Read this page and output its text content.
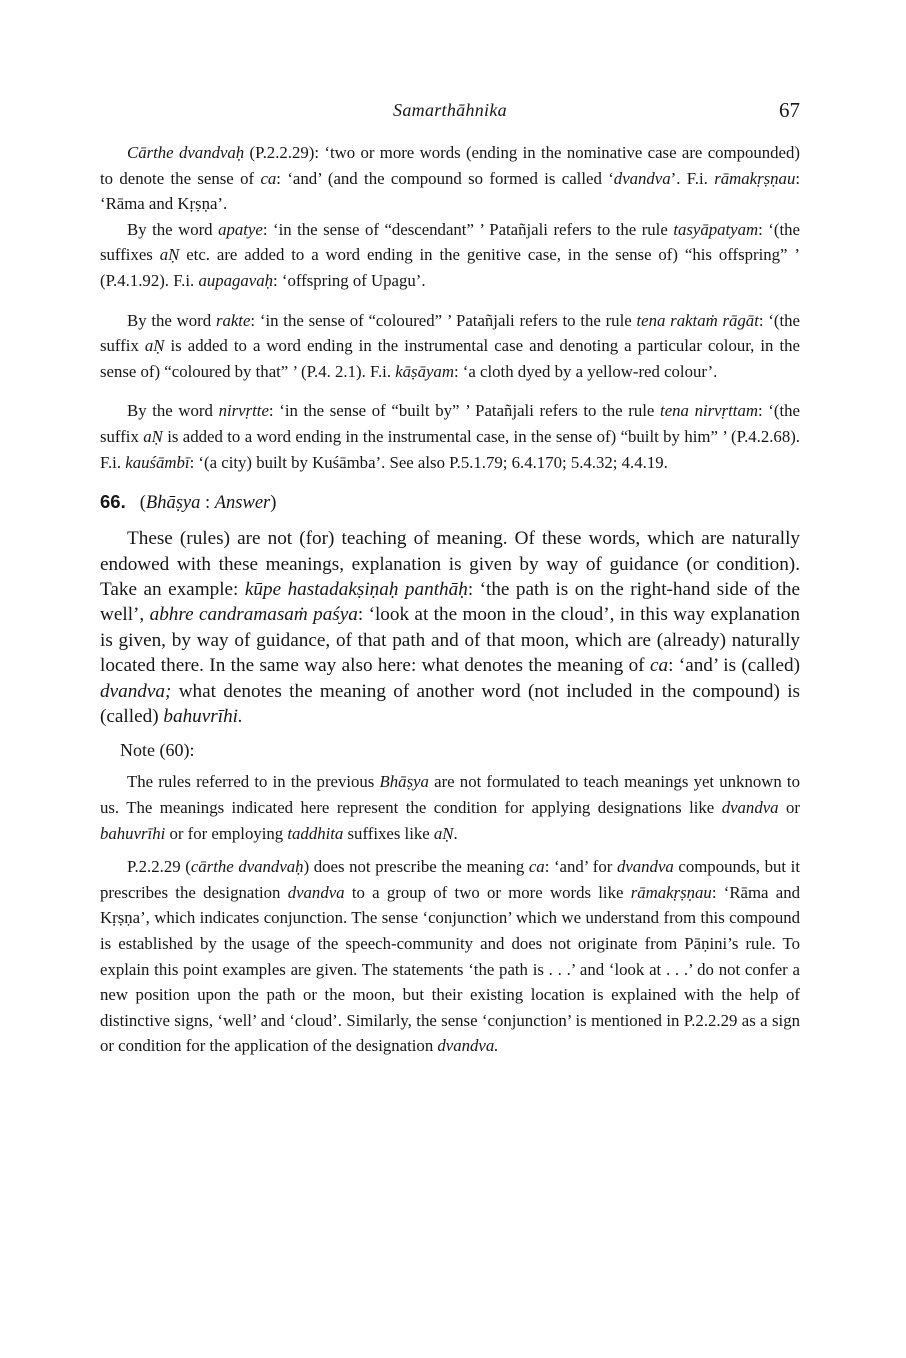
Samarthāhnika	67

Cārthe dvandvaḥ (P.2.2.29): ‘two or more words (ending in the nominative case are compounded) to denote the sense of ca: ‘and’ (and the compound so formed is called ‘dvandva’. F.i. rāmakṛṣṇau: ‘Rāma and Kṛṣṇa’.

By the word apatye: ‘in the sense of “descendant” ’ Patañjali refers to the rule tasyāpatyam: ‘(the suffixes aṆ etc. are added to a word ending in the genitive case, in the sense of) “his offspring” ’ (P.4.1.92). F.i. aupagavaḥ: ‘offspring of Upagu’.

By the word rakte: ‘in the sense of “coloured” ’ Patañjali refers to the rule tena raktaṁ rāgāt: ‘(the suffix aṆ is added to a word ending in the instrumental case and denoting a particular colour, in the sense of) “coloured by that” ’ (P.4. 2.1). F.i. kāṣāyam: ‘a cloth dyed by a yellow-red colour’.

By the word nirvṛtte: ‘in the sense of “built by” ’ Patañjali refers to the rule tena nirvṛttam: ‘(the suffix aṆ is added to a word ending in the instrumental case, in the sense of) “built by him” ’ (P.4.2.68). F.i. kauśāmbī: ‘(a city) built by Kuśāmba’. See also P.5.1.79; 6.4.170; 5.4.32; 4.4.19.

66. (Bhāṣya : Answer)

These (rules) are not (for) teaching of meaning. Of these words, which are naturally endowed with these meanings, explanation is given by way of guidance (or condition). Take an example: kūpe hastadakṣiṇaḥ panthāḥ: ‘the path is on the right-hand side of the well’, abhre candramasaṁ paśya: ‘look at the moon in the cloud’, in this way explanation is given, by way of guidance, of that path and of that moon, which are (already) naturally located there. In the same way also here: what denotes the meaning of ca: ‘and’ is (called) dvandva; what denotes the meaning of another word (not included in the compound) is (called) bahuvrīhi.

Note (60):

The rules referred to in the previous Bhāṣya are not formulated to teach meanings yet unknown to us. The meanings indicated here represent the condition for applying designations like dvandva or bahuvrīhi or for employing taddhita suffixes like aṆ.

P.2.2.29 (cārthe dvandvaḥ) does not prescribe the meaning ca: ‘and’ for dvandva compounds, but it prescribes the designation dvandva to a group of two or more words like rāmakṛṣṇau: ‘Rāma and Kṛṣṇa’, which indicates conjunction. The sense ‘conjunction’ which we understand from this compound is established by the usage of the speech-community and does not originate from Pāṇini’s rule. To explain this point examples are given. The statements ‘the path is . . .’ and ‘look at . . .’ do not confer a new position upon the path or the moon, but their existing location is explained with the help of distinctive signs, ‘well’ and ‘cloud’. Similarly, the sense ‘conjunction’ is mentioned in P.2.2.29 as a sign or condition for the application of the designation dvandva.
